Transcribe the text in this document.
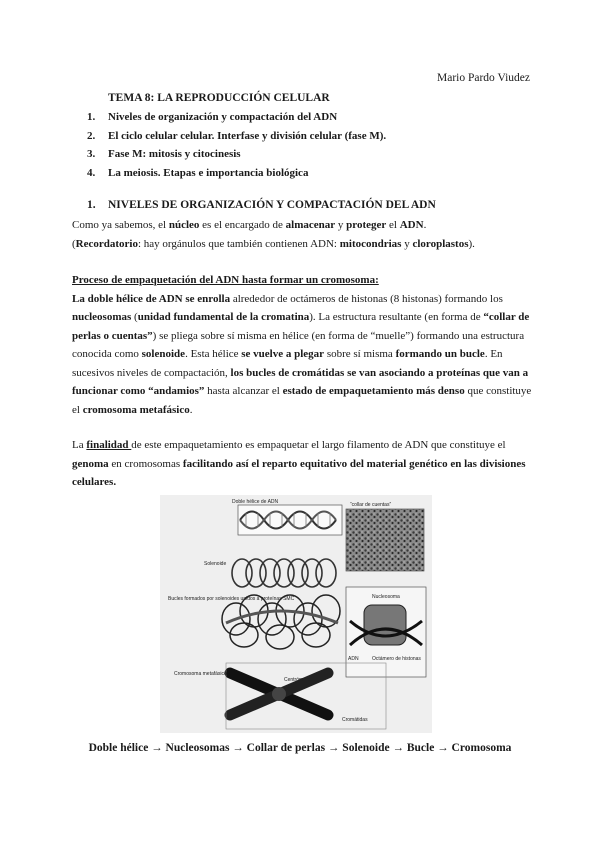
Mario Pardo Viudez
TEMA 8: LA REPRODUCCIÓN CELULAR
1. Niveles de organización y compactación del ADN
2. El ciclo celular celular. Interfase y división celular (fase M).
3. Fase M: mitosis y citocinesis
4. La meiosis. Etapas e importancia biológica
1. NIVELES DE ORGANIZACIÓN Y COMPACTACIÓN DEL ADN

Como ya sabemos, el núcleo es el encargado de almacenar y proteger el ADN.

(Recordatorio: hay orgánulos que también contienen ADN: mitocondrias y cloroplastos).

Proceso de empaquetación del ADN hasta formar un cromosoma:

La doble hélice de ADN se enrolla alrededor de octámeros de histonas (8 histonas) formando los nucleosomas (unidad fundamental de la cromatina). La estructura resultante (en forma de “collar de perlas o cuentas”) se pliega sobre sí misma en hélice (en forma de “muelle”) formando una estructura conocida como solenoide. Esta hélice se vuelve a plegar sobre sí misma formando un bucle. En sucesivos niveles de compactación, los bucles de cromátidas se van asociando a proteínas que van a funcionar como “andamios” hasta alcanzar el estado de empaquetamiento más denso que constituye el cromosoma metafásico.

La finalidad de este empaquetamiento es empaquetar el largo filamento de ADN que constituye el genoma en cromosomas facilitando así el reparto equitativo del material genético en las divisiones celulares.

Doble hélice de ADN	“collar de cuentas”
Solenoide
Bucles formados por solenoides unidos a proteínas SMC	Nucleosoma
ADN	Octámero de histonas
Cromosoma metafásico
Centrómero
Cromátidas
Doble hélice → Nucleosomas → Collar de perlas → Solenoide → Bucle → Cromosoma
